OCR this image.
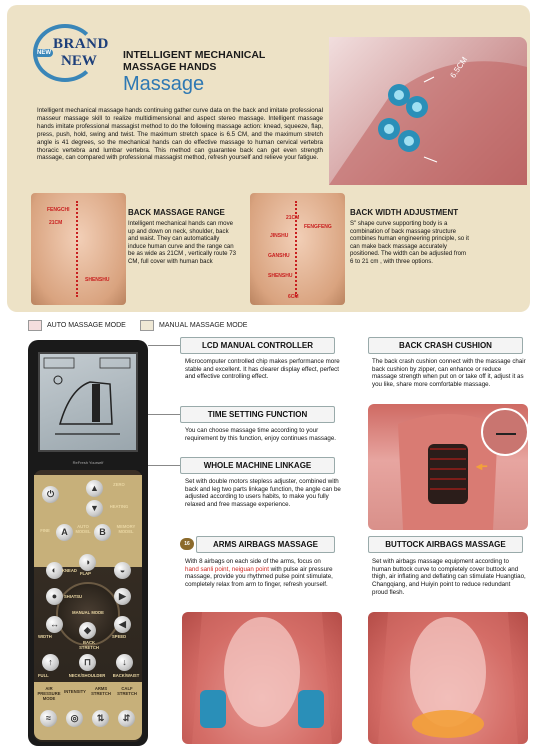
NEW
BRAND
NEW INTELLIGENT MECHANICAL MASSAGE HANDS
Massage
6.5CM
Intelligent mechanical massage hands continuing gather curve data on the back and imitate professional masseur massage skill to realize multidimensional and aspect stereo massage. Intelligent massage hands imitate professional massagist method to do the following massage action: knead, squeeze, flap, press, push, hold, swing and twist. The maximum stretch space is 6.5 CM, and the maximum stretch angle is 41 degrees, so the mechanical hands can do effective massage to human cervical vertebra thoracic vertebra and lumbar vertebra. This method can guarantee back can get even strength massage, can compared with professional massagist method, refresh yourself and relieve your fatigue.
FENGCHI
21CM
SHENSHU
BACK MASSAGE RANGE
Intelligent mechanical hands can move up and down on neck, shoulder, back and waist. They can automatically induce human curve and the range can be as wide as 21CM , vertically route 73 CM, full cover with human back
21CM
FENGFENG
JINSHU
GANSHU
SHENSHU
6CM
BACK WIDTH ADJUSTMENT
S" shape curve supporting body is a combination of back massage structure combines human engineering principle, so it can make back massage accurately positioned. The width can be adjusted from 6 to 21 cm , with three options.
AUTO MASSAGE MODE	MANUAL MASSAGE MODE
ReFresh Yourself
⏻
▲	ZERO
▼	HEATING
FINE	A
AUTO MODEL B
MEMORY MODEL
◐	KNEAD
◑
FLAP	◒
●	SHIATSU	▶
MANUAL MODE
↔
WIDTH
◆
BACK STRETCH
◀
SPEED
↑	⊓	↓
FULL	NECK/SHOULDER	BACK/WAIST
AIR PRESSURE MODE
INTENSITY
ARMS STRETCH
CALF STRETCH
≈	◎	⇅	⇵
LCD MANUAL CONTROLLER
Microcomputer controlled chip makes performance more stable and excellent. It has clearer display effect, perfect and effective controlling effect.
TIME SETTING FUNCTION
You can choose massage time according to your requirement by this function, enjoy continues massage.
WHOLE MACHINE LINKAGE
Set with double motors stepless adjuster, combined with back and leg two parts linkage function, the angle can be adjusted according to users habits, to make you fully relaxed and free massage experience.
BACK CRASH CUSHION
The back crash cushion connect with the massage chair back cushion by zipper, can enhance or reduce massage strength when put on or take off it, adjust it as you like, share more comfortable massage.
◀━
16	ARMS AIRBAGS MASSAGE
With 8 airbags on each side of the arms, focus on hand sanli point, neiguan point with pulse air pressure massage, provide you rhythmed pulse point stimulate, completely relax from arm to finger, refresh yourself.
BUTTOCK AIRBAGS MASSAGE
Set with airbags massage equipment according to human buttock curve to completely cover buttock and thigh, air inflating and deflating can stimulate Huangtiao, Changqiang, and Huiyin point to reduce redundant proud flesh.
